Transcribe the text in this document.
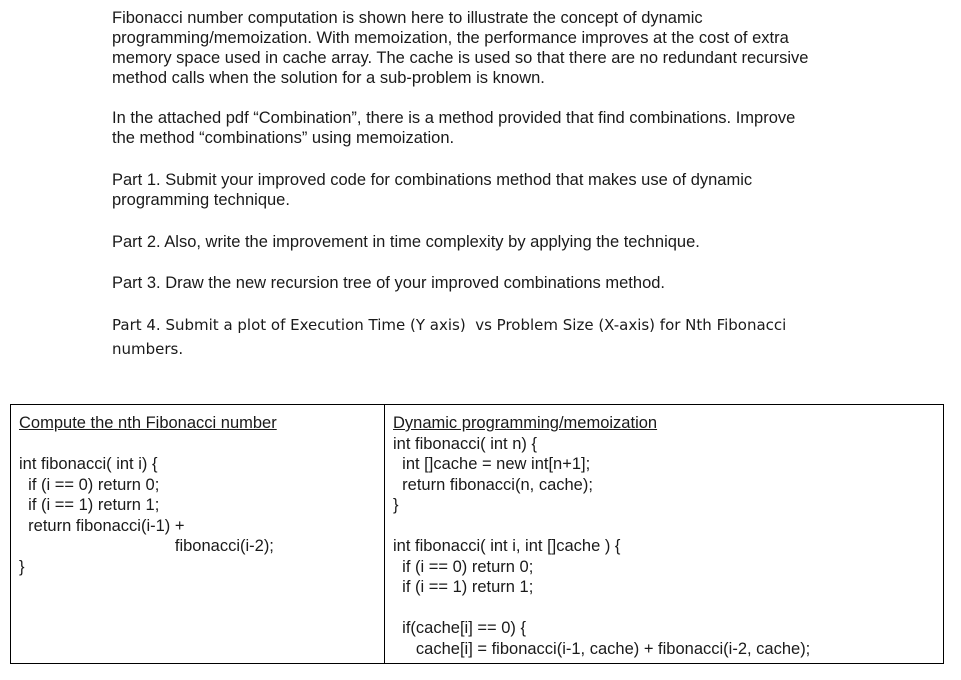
Fibonacci number computation is shown here to illustrate the concept of dynamic
programming/memoization. With memoization, the performance improves at the cost of extra
memory space used in cache array. The cache is used so that there are no redundant recursive
method calls when the solution for a sub-problem is known.

In the attached pdf “Combination”, there is a method provided that find combinations. Improve
the method “combinations” using memoization.

Part 1. Submit your improved code for combinations method that makes use of dynamic
programming technique.

Part 2. Also, write the improvement in time complexity by applying the technique.

Part 3. Draw the new recursion tree of your improved combinations method.

Part 4. Submit a plot of Execution Time (Y axis)  vs Problem Size (X-axis) for Nth Fibonacci
numbers.

Compute the nth Fibonacci number

int fibonacci( int i) {
if (i == 0) return 0;
if (i == 1) return 1;
return fibonacci(i-1) +
fibonacci(i-2);
}
Dynamic programming/memoization
int fibonacci( int n) {
int []cache = new int[n+1];
return fibonacci(n, cache);
}

int fibonacci( int i, int []cache ) {
if (i == 0) return 0;
if (i == 1) return 1;

if(cache[i] == 0) {
cache[i] = fibonacci(i-1, cache) + fibonacci(i-2, cache);
